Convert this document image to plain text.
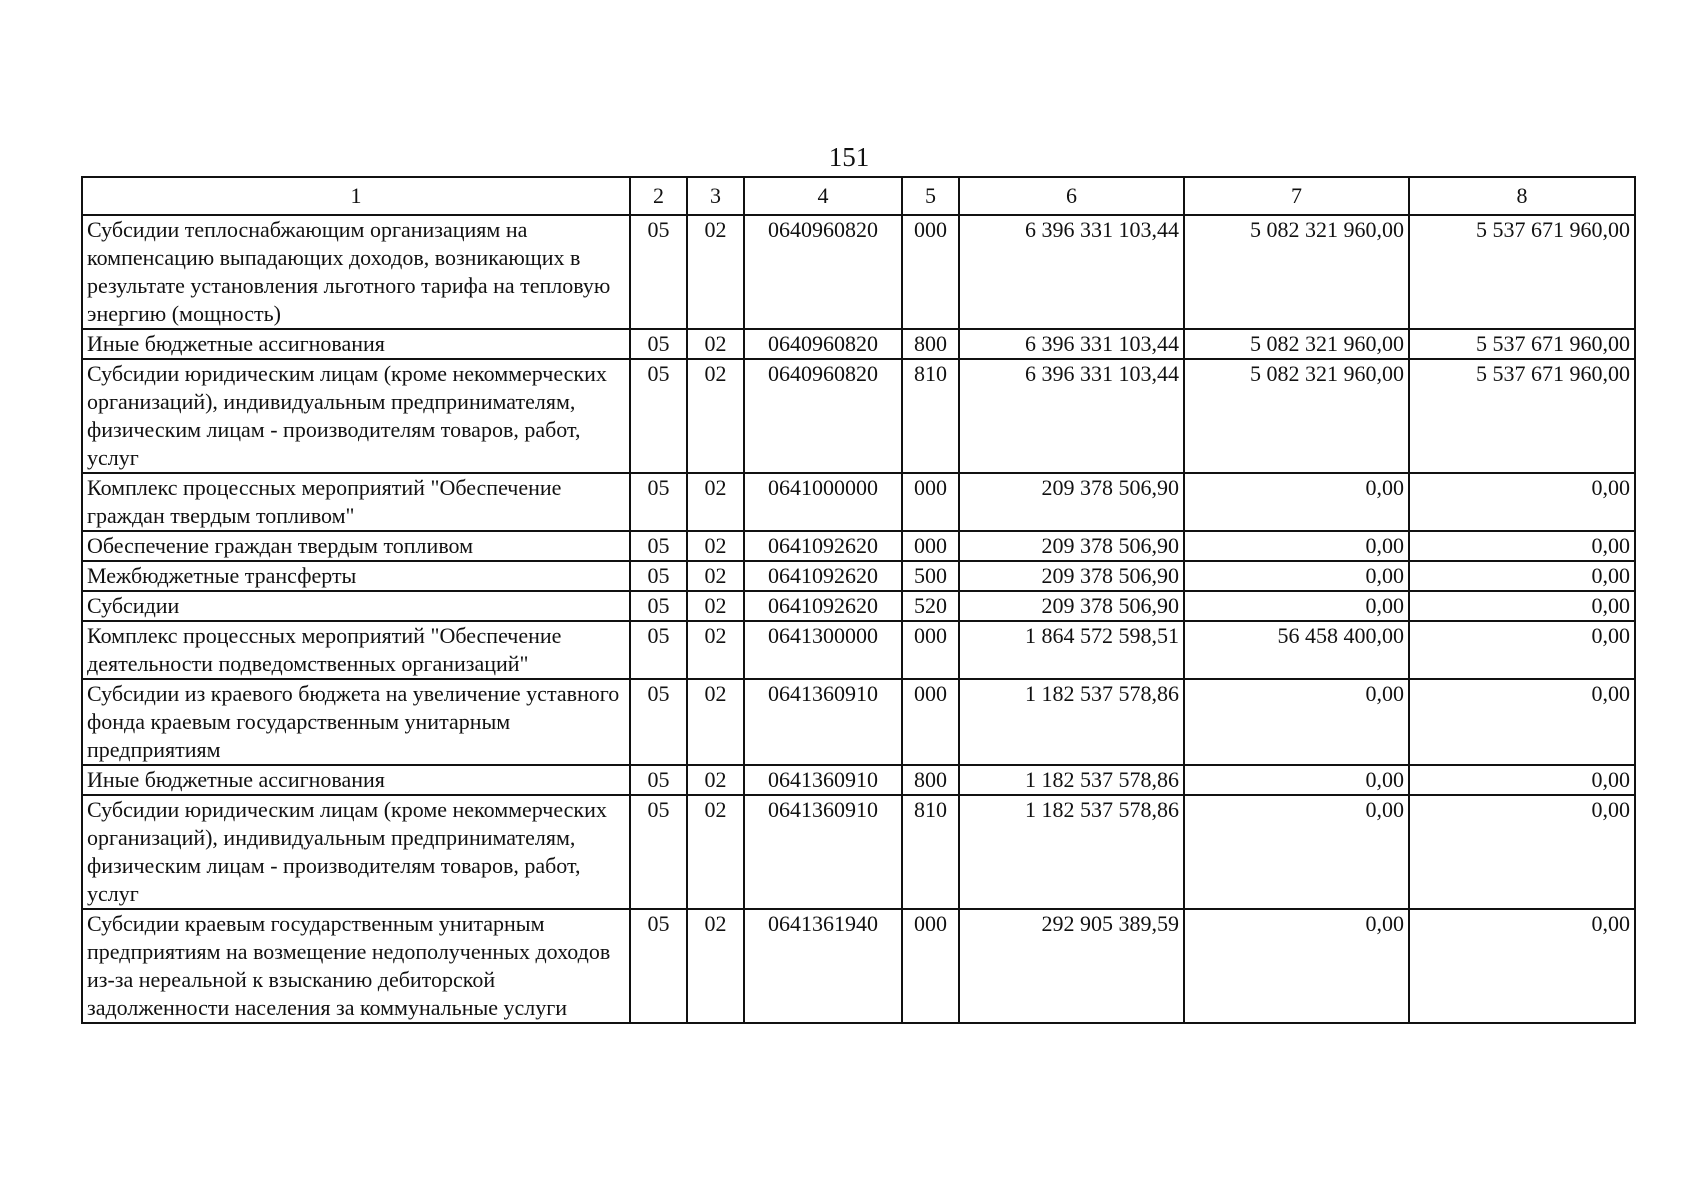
151
1	2	3	4	5	6	7	8
Субсидии теплоснабжающим организациям на компенсацию выпадающих доходов, возникающих в результате установления льготного тарифа на тепловую энергию (мощность)	05	02	0640960820	000	6 396 331 103,44	5 082 321 960,00	5 537 671 960,00
Иные бюджетные ассигнования	05	02	0640960820	800	6 396 331 103,44	5 082 321 960,00	5 537 671 960,00
Субсидии юридическим лицам (кроме некоммерческих организаций), индивидуальным предпринимателям, физическим лицам - производителям товаров, работ, услуг	05	02	0640960820	810	6 396 331 103,44	5 082 321 960,00	5 537 671 960,00
Комплекс процессных мероприятий "Обеспечение граждан твердым топливом"	05	02	0641000000	000	209 378 506,90	0,00	0,00
Обеспечение граждан твердым топливом	05	02	0641092620	000	209 378 506,90	0,00	0,00
Межбюджетные трансферты	05	02	0641092620	500	209 378 506,90	0,00	0,00
Субсидии	05	02	0641092620	520	209 378 506,90	0,00	0,00
Комплекс процессных мероприятий "Обеспечение деятельности подведомственных организаций"	05	02	0641300000	000	1 864 572 598,51	56 458 400,00	0,00
Субсидии из краевого бюджета на увеличение уставного фонда краевым государственным унитарным предприятиям	05	02	0641360910	000	1 182 537 578,86	0,00	0,00
Иные бюджетные ассигнования	05	02	0641360910	800	1 182 537 578,86	0,00	0,00
Субсидии юридическим лицам (кроме некоммерческих организаций), индивидуальным предпринимателям, физическим лицам - производителям товаров, работ, услуг	05	02	0641360910	810	1 182 537 578,86	0,00	0,00
Субсидии краевым государственным унитарным предприятиям на возмещение недополученных доходов из-за нереальной к взысканию дебиторской задолженности населения за коммунальные услуги	05	02	0641361940	000	292 905 389,59	0,00	0,00
